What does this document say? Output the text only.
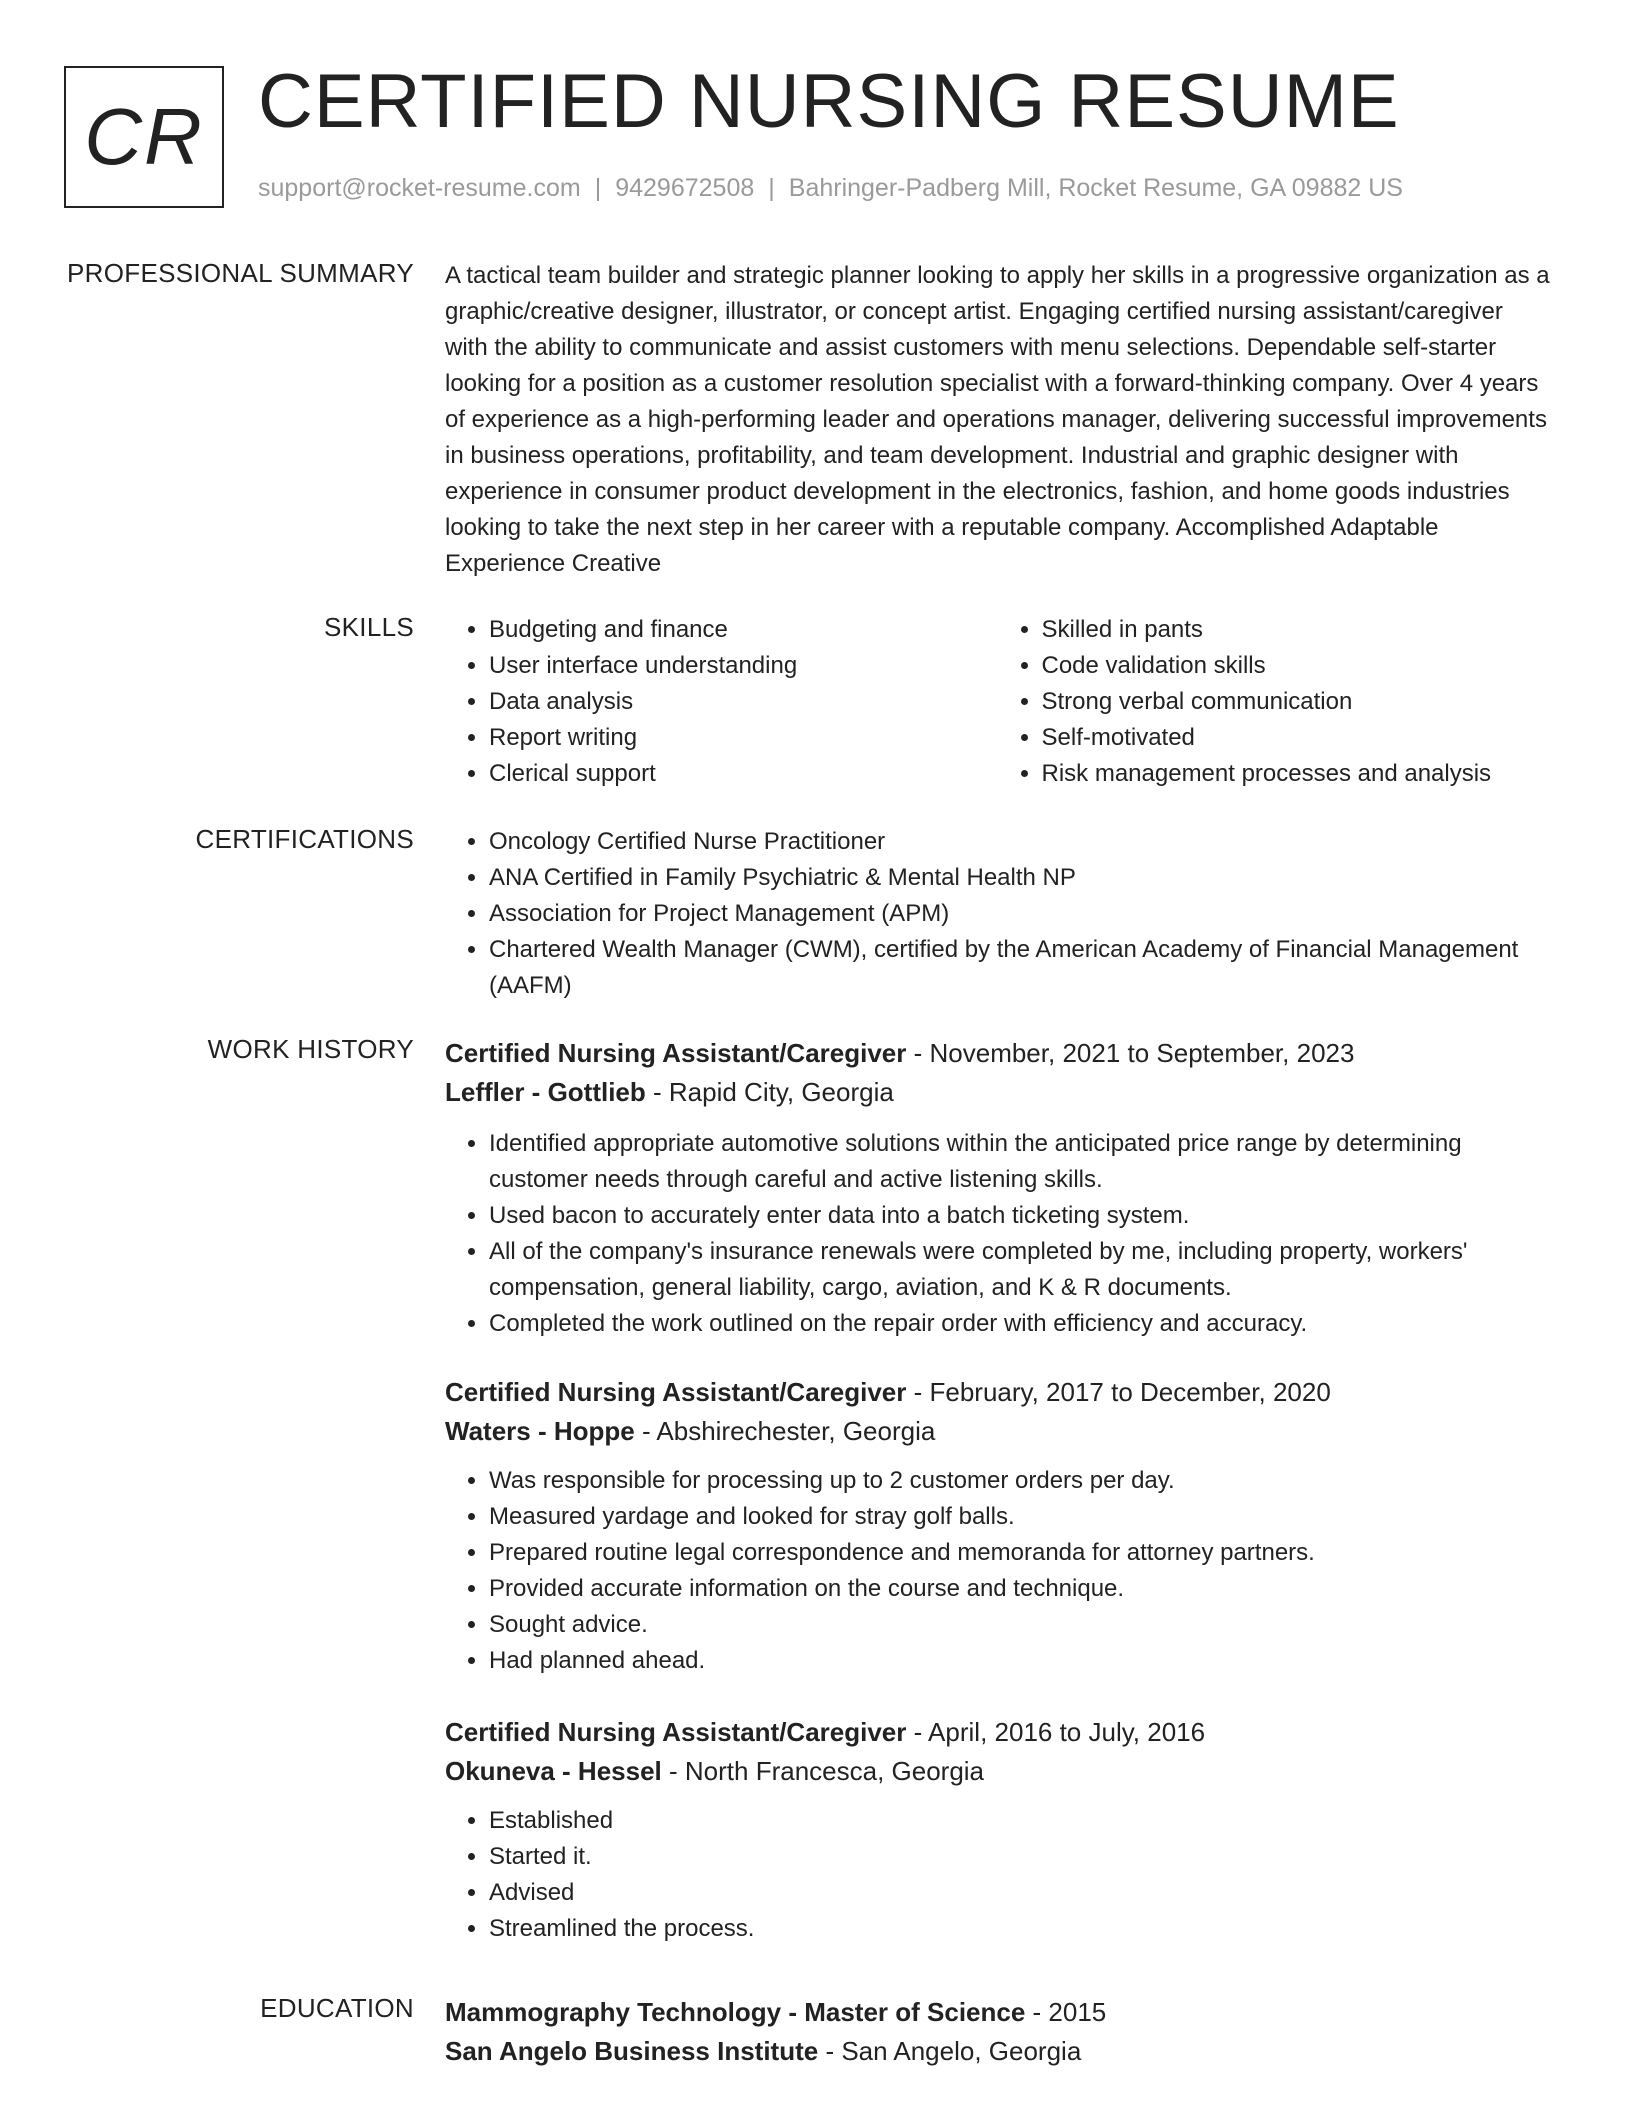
CR CERTIFIED NURSING RESUME
support@rocket-resume.com | 9429672508 | Bahringer-Padberg Mill, Rocket Resume, GA 09882 US
PROFESSIONAL SUMMARY A tactical team builder and strategic planner looking to apply her skills in a progressive organization as a graphic/creative designer, illustrator, or concept artist. Engaging certified nursing assistant/caregiver with the ability to communicate and assist customers with menu selections. Dependable self-starter looking for a position as a customer resolution specialist with a forward-thinking company. Over 4 years of experience as a high-performing leader and operations manager, delivering successful improvements in business operations, profitability, and team development. Industrial and graphic designer with experience in consumer product development in the electronics, fashion, and home goods industries looking to take the next step in her career with a reputable company. Accomplished Adaptable Experience Creative

SKILLS	• Budgeting and finance
• User interface understanding
• Data analysis
• Report writing
• Clerical support
• Skilled in pants
• Code validation skills
• Strong verbal communication
• Self-motivated
• Risk management processes and analysis
CERTIFICATIONS	• Oncology Certified Nurse Practitioner
• ANA Certified in Family Psychiatric & Mental Health NP
• Association for Project Management (APM)
• Chartered Wealth Manager (CWM), certified by the American Academy of Financial Management (AAFM)
WORK HISTORY Certified Nursing Assistant/Caregiver - November, 2021 to September, 2023
Leffler - Gottlieb - Rapid City, Georgia
• Identified appropriate automotive solutions within the anticipated price range by determining customer needs through careful and active listening skills.
• Used bacon to accurately enter data into a batch ticketing system.
• All of the company's insurance renewals were completed by me, including property, workers' compensation, general liability, cargo, aviation, and K & R documents.
• Completed the work outlined on the repair order with efficiency and accuracy.
Certified Nursing Assistant/Caregiver - February, 2017 to December, 2020
Waters - Hoppe - Abshirechester, Georgia
• Was responsible for processing up to 2 customer orders per day.
• Measured yardage and looked for stray golf balls.
• Prepared routine legal correspondence and memoranda for attorney partners.
• Provided accurate information on the course and technique.
• Sought advice.
• Had planned ahead.
Certified Nursing Assistant/Caregiver - April, 2016 to July, 2016
Okuneva - Hessel - North Francesca, Georgia
• Established
• Started it.
• Advised
• Streamlined the process.
EDUCATION Mammography Technology - Master of Science - 2015
San Angelo Business Institute - San Angelo, Georgia
